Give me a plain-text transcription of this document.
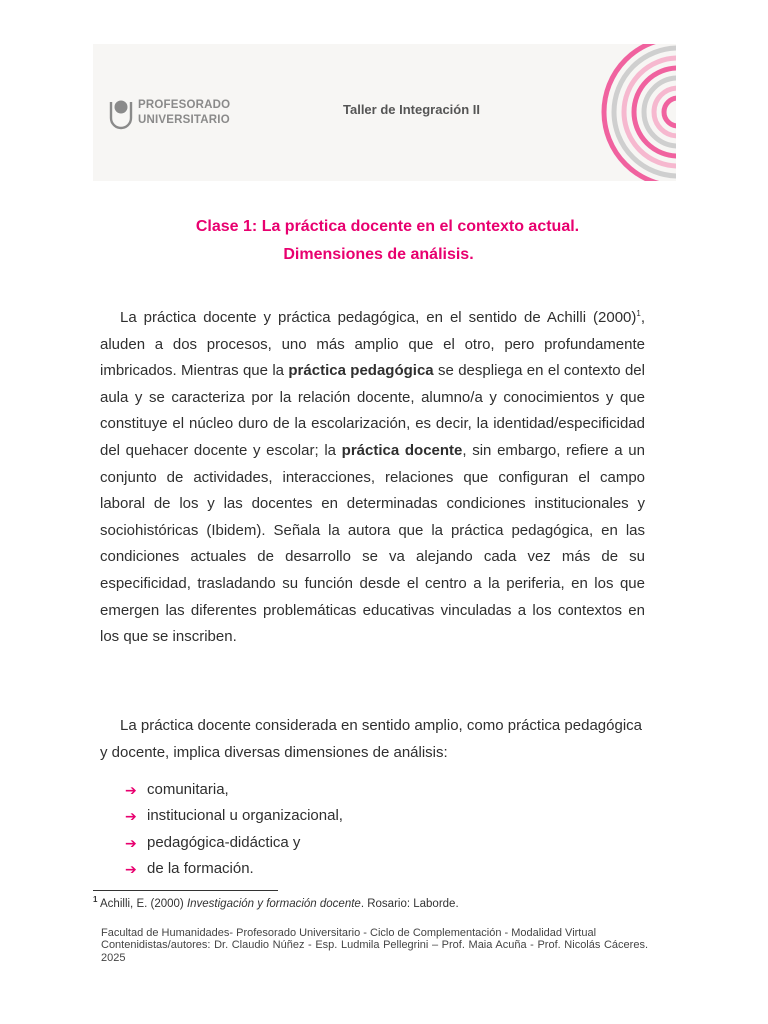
PROFESORADO
UNIVERSITARIO
Taller de Integración II
Clase 1: La práctica docente en el contexto actual.
Dimensiones de análisis.

La práctica docente y práctica pedagógica, en el sentido de Achilli $(2000)^1$, aluden a dos procesos, uno más amplio que el otro, pero profundamente imbricados. Mientras que la práctica pedagógica se despliega en el contexto del aula y se caracteriza por la relación docente, alumno/a y conocimientos y que constituye el núcleo duro de la escolarización, es decir, la identidad/especificidad del quehacer docente y escolar; la práctica docente, sin embargo, refiere a un conjunto de actividades, interacciones, relaciones que configuran el campo laboral de los y las docentes en determinadas condiciones institucionales y sociohistóricas (Ibidem). Señala la autora que la práctica pedagógica, en las condiciones actuales de desarrollo se va alejando cada vez más de su especificidad, trasladando su función desde el centro a la periferia, en los que emergen las diferentes problemáticas educativas vinculadas a los contextos en los que se inscriben.

La práctica docente considerada en sentido amplio, como práctica pedagógica y docente, implica diversas dimensiones de análisis:

➔ comunitaria,
➔ institucional u organizacional,
➔ pedagógica-didáctica y
➔ de la formación.
$^1$ Achilli, E. (2000) Investigación y formación docente. Rosario: Laborde.
Facultad de Humanidades- Profesorado Universitario - Ciclo de Complementación - Modalidad Virtual
Contenidistas/autores: Dr. Claudio Núñez - Esp. Ludmila Pellegrini – Prof. Maia Acuña - Prof. Nicolás Cáceres. 2025
